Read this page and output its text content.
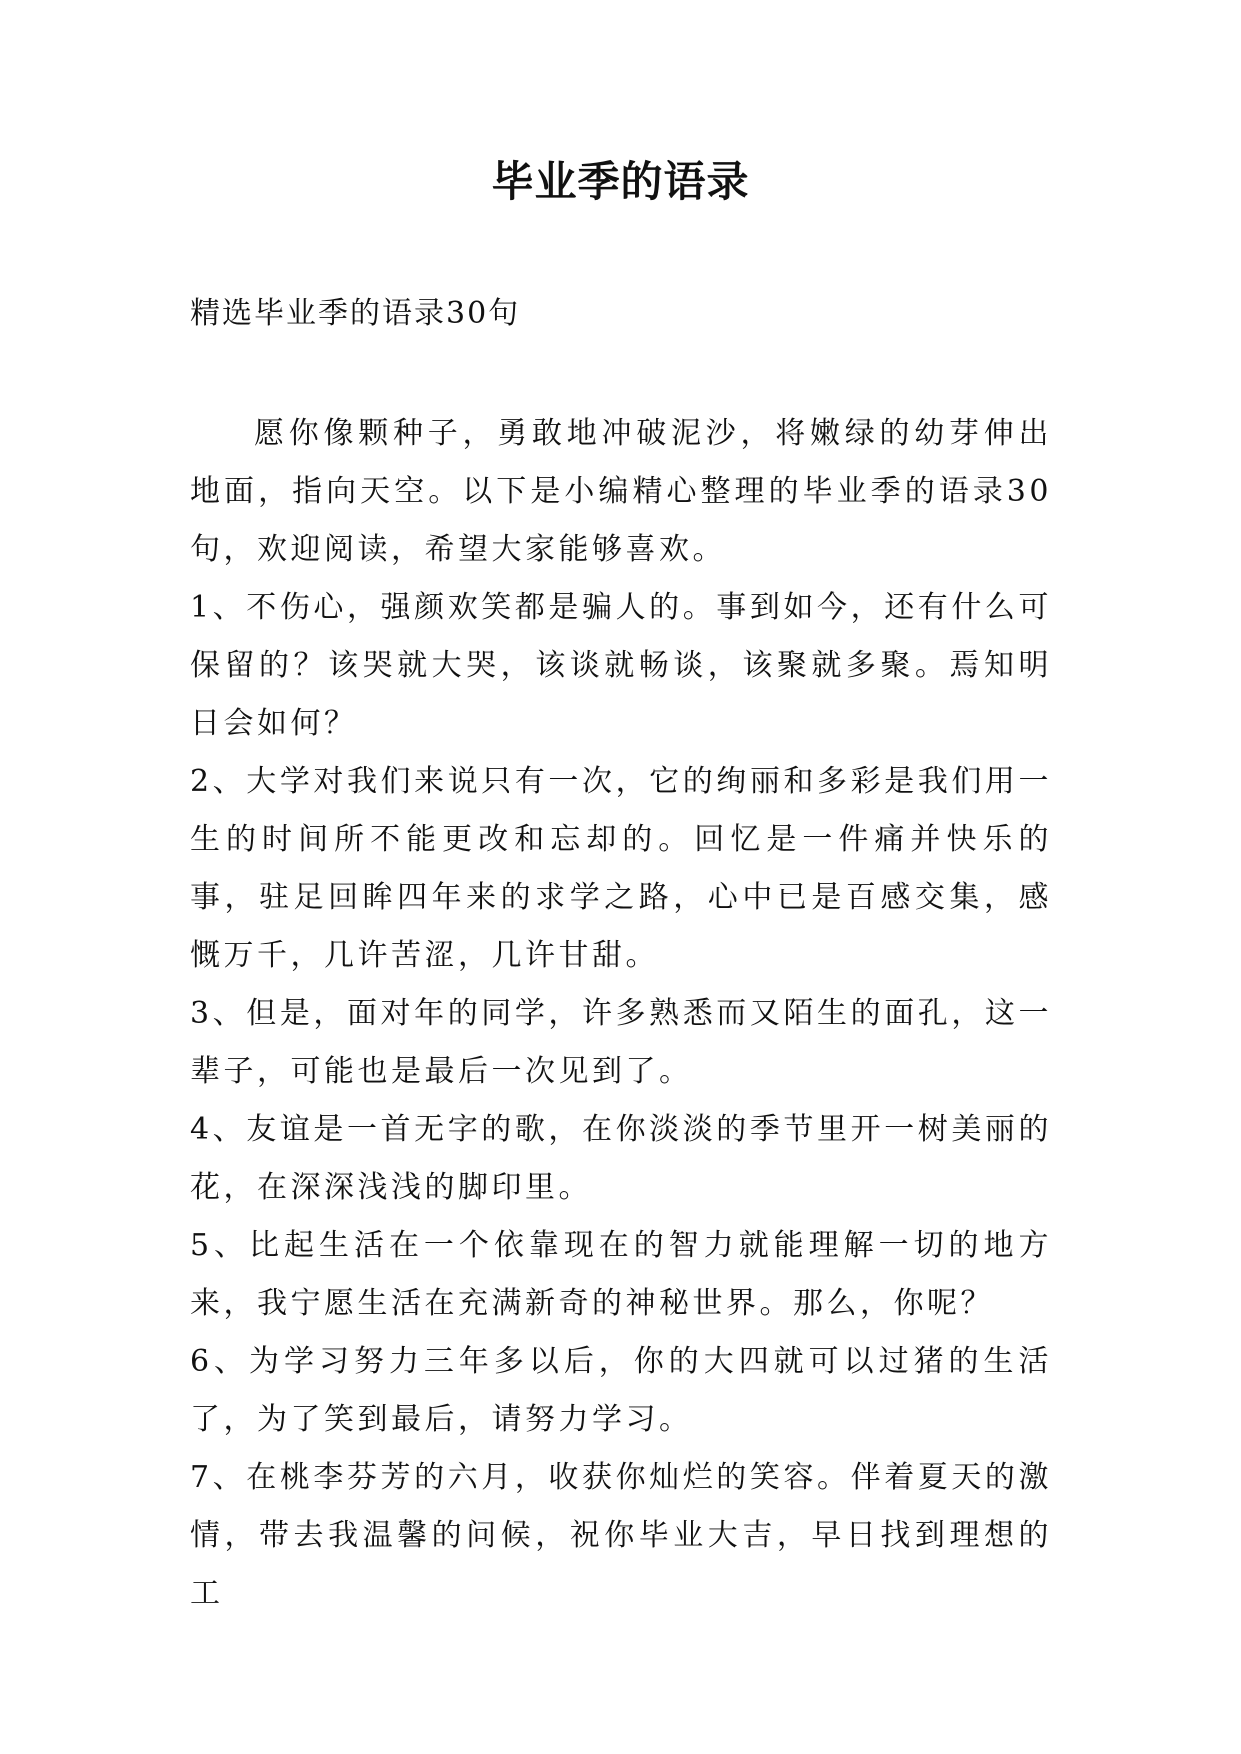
毕业季的语录

精选毕业季的语录30句

愿你像颗种子，勇敢地冲破泥沙，将嫩绿的幼芽伸出地面，指向天空。以下是小编精心整理的毕业季的语录30句，欢迎阅读，希望大家能够喜欢。

1、不伤心，强颜欢笑都是骗人的。事到如今，还有什么可保留的？该哭就大哭，该谈就畅谈，该聚就多聚。焉知明日会如何？

2、大学对我们来说只有一次，它的绚丽和多彩是我们用一生的时间所不能更改和忘却的。回忆是一件痛并快乐的事，驻足回眸四年来的求学之路，心中已是百感交集，感慨万千，几许苦涩，几许甘甜。

3、但是，面对年的同学，许多熟悉而又陌生的面孔，这一辈子，可能也是最后一次见到了。

4、友谊是一首无字的歌，在你淡淡的季节里开一树美丽的花，在深深浅浅的脚印里。

5、比起生活在一个依靠现在的智力就能理解一切的地方来，我宁愿生活在充满新奇的神秘世界。那么，你呢？

6、为学习努力三年多以后，你的大四就可以过猪的生活了，为了笑到最后，请努力学习。

7、在桃李芬芳的六月，收获你灿烂的笑容。伴着夏天的激情，带去我温馨的问候，祝你毕业大吉，早日找到理想的工
